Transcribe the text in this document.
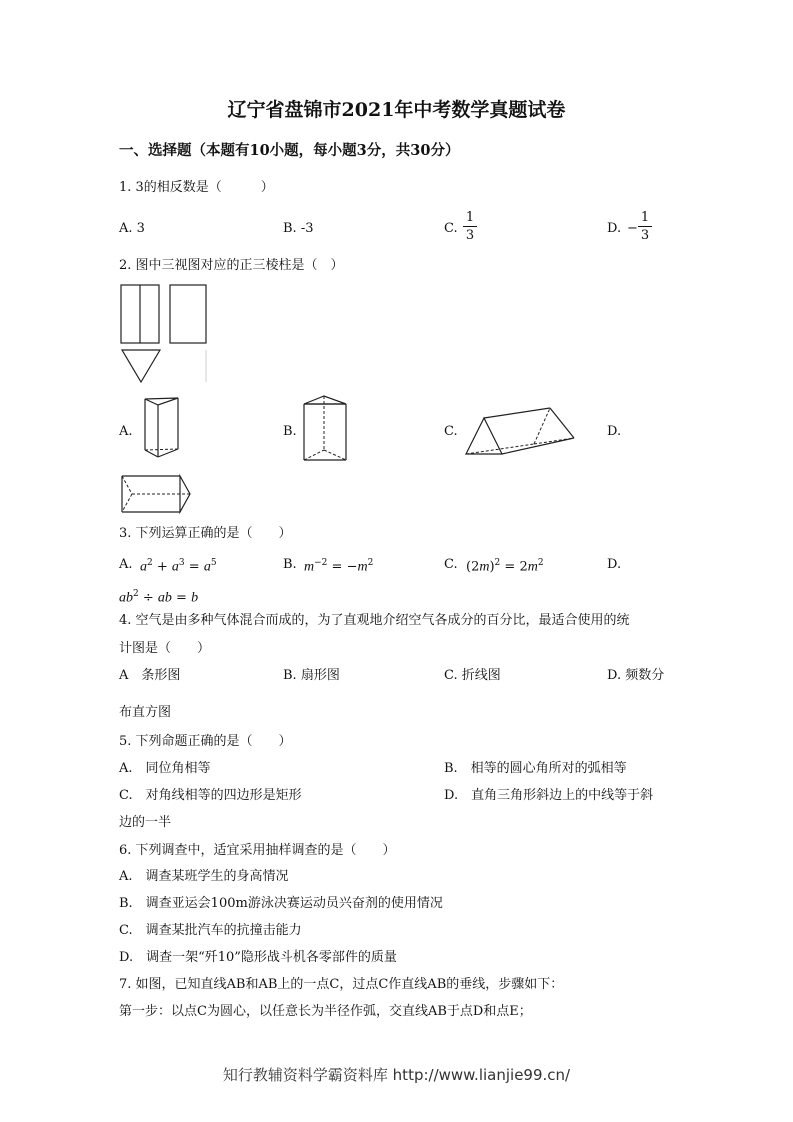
辽宁省盘锦市2021年中考数学真题试卷
一、选择题（本题有10小题，每小题3分，共30分）
1. 3的相反数是（　　　）
A. 3	B. -3	C.
1
3	D. −
1
3
2. 图中三视图对应的正三棱柱是（　）
A.	B.	C.	D.
3. 下列运算正确的是（　　）
A. $a^2 + a^3 = a^5$	B. $m^{-2} = -m^2$	C. $(2m)^2 = 2m^2$	D.
$ab^2$ ÷ ab = b
4. 空气是由多种气体混合而成的，为了直观地介绍空气各成分的百分比，最适合使用的统
计图是（　　）
A　条形图	B. 扇形图	C. 折线图	D. 频数分
布直方图
5. 下列命题正确的是（　　）
A.　同位角相等	B.　相等的圆心角所对的弧相等
C.　对角线相等的四边形是矩形	D.　直角三角形斜边上的中线等于斜
边的一半
6. 下列调查中，适宜采用抽样调查的是（　　）
A.　调查某班学生的身高情况
B.　调查亚运会100m游泳决赛运动员兴奋剂的使用情况
C.　调查某批汽车的抗撞击能力
D.　调查一架“歼10”隐形战斗机各零部件的质量
7. 如图，已知直线AB和AB上的一点C，过点C作直线AB的垂线，步骤如下：
第一步：以点C为圆心，以任意长为半径作弧，交直线AB于点D和点E；
知行教辅资料学霸资料库 http://www.lianjie99.cn/
